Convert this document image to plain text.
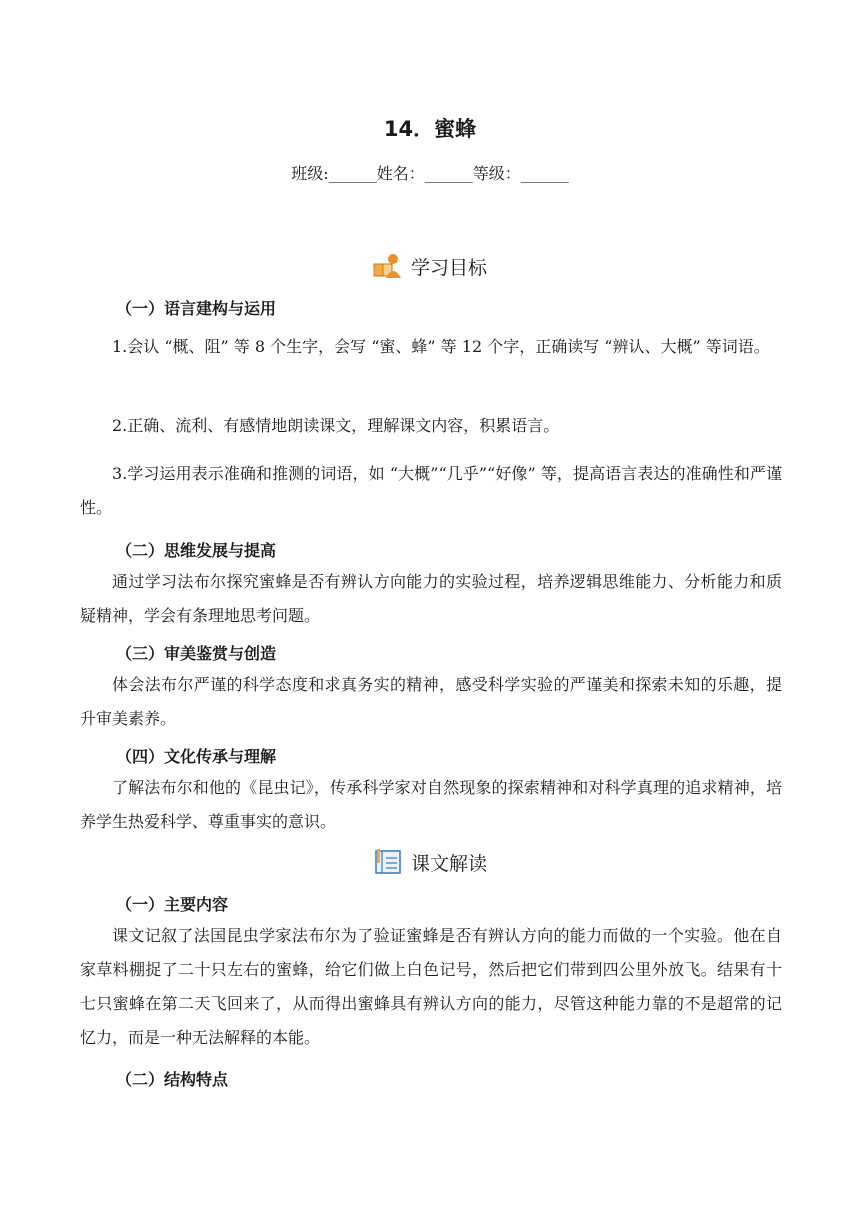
14．蜜蜂
班级:______姓名：______等级：______
学习目标
（一）语言建构与运用
1.会认 “概、阻” 等 8 个生字，会写 “蜜、蜂” 等 12 个字，正确读写 “辨认、大概” 等词语。
2.正确、流利、有感情地朗读课文，理解课文内容，积累语言。
3.学习运用表示准确和推测的词语，如 “大概”“几乎”“好像” 等，提高语言表达的准确性和严谨性。
（二）思维发展与提高
通过学习法布尔探究蜜蜂是否有辨认方向能力的实验过程，培养逻辑思维能力、分析能力和质疑精神，学会有条理地思考问题。
（三）审美鉴赏与创造
体会法布尔严谨的科学态度和求真务实的精神，感受科学实验的严谨美和探索未知的乐趣，提升审美素养。
（四）文化传承与理解
了解法布尔和他的《昆虫记》，传承科学家对自然现象的探索精神和对科学真理的追求精神，培养学生热爱科学、尊重事实的意识。
课文解读
（一）主要内容
课文记叙了法国昆虫学家法布尔为了验证蜜蜂是否有辨认方向的能力而做的一个实验。他在自家草料棚捉了二十只左右的蜜蜂，给它们做上白色记号，然后把它们带到四公里外放飞。结果有十七只蜜蜂在第二天飞回来了，从而得出蜜蜂具有辨认方向的能力，尽管这种能力靠的不是超常的记忆力，而是一种无法解释的本能。
（二）结构特点
